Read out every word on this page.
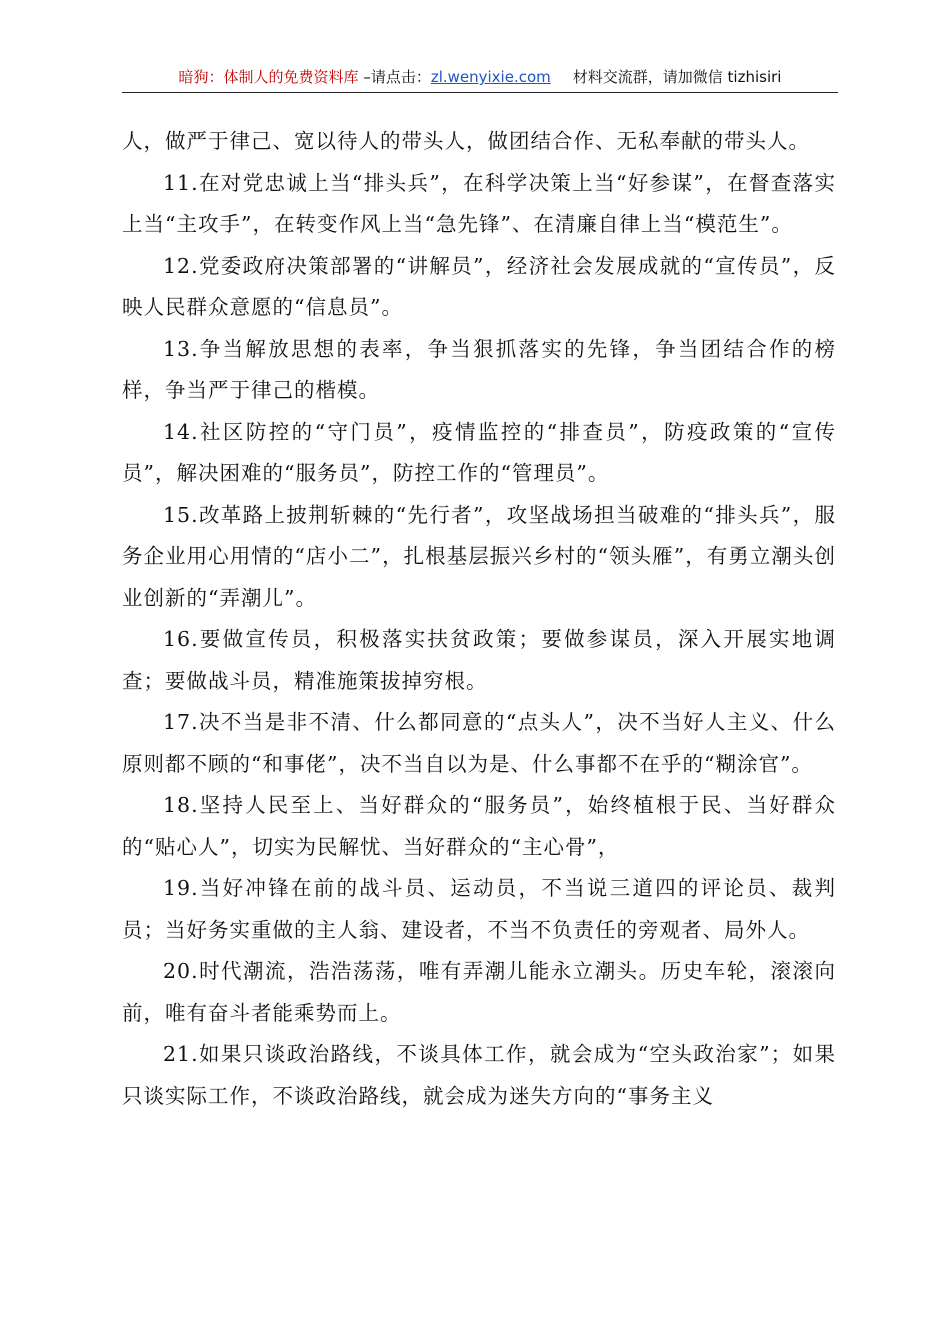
暗狗：体制人的免费资料库 –请点击：zl.wenyixie.com 材料交流群，请加微信 tizhisiri

人，做严于律己、宽以待人的带头人，做团结合作、无私奉献的带头人。

11.在对党忠诚上当“排头兵”，在科学决策上当“好参谋”，在督查落实上当“主攻手”，在转变作风上当“急先锋”、在清廉自律上当“模范生”。

12.党委政府决策部署的“讲解员”，经济社会发展成就的“宣传员”，反映人民群众意愿的“信息员”。

13.争当解放思想的表率，争当狠抓落实的先锋，争当团结合作的榜样，争当严于律己的楷模。

14.社区防控的“守门员”，疫情监控的“排查员”，防疫政策的“宣传员”，解决困难的“服务员”，防控工作的“管理员”。

15.改革路上披荆斩棘的“先行者”，攻坚战场担当破难的“排头兵”，服务企业用心用情的“店小二”，扎根基层振兴乡村的“领头雁”，有勇立潮头创业创新的“弄潮儿”。

16.要做宣传员，积极落实扶贫政策；要做参谋员，深入开展实地调查；要做战斗员，精准施策拔掉穷根。

17.决不当是非不清、什么都同意的“点头人”，决不当好人主义、什么原则都不顾的“和事佬”，决不当自以为是、什么事都不在乎的“糊涂官”。

18.坚持人民至上、当好群众的“服务员”，始终植根于民、当好群众的“贴心人”，切实为民解忧、当好群众的“主心骨”，

19.当好冲锋在前的战斗员、运动员，不当说三道四的评论员、裁判员；当好务实重做的主人翁、建设者，不当不负责任的旁观者、局外人。

20.时代潮流，浩浩荡荡，唯有弄潮儿能永立潮头。历史车轮，滚滚向前，唯有奋斗者能乘势而上。

21.如果只谈政治路线，不谈具体工作，就会成为“空头政治家”；如果只谈实际工作，不谈政治路线，就会成为迷失方向的“事务主义
